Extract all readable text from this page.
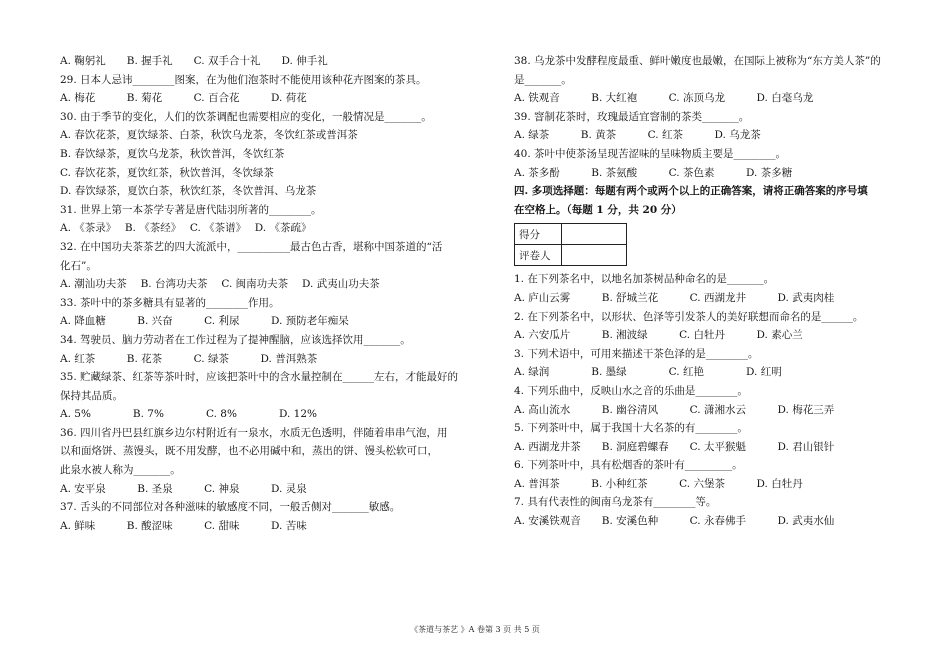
A. 鞠躬礼　　B. 握手礼　　C. 双手合十礼　　D. 伸手礼
29. 日本人忌讳________图案，在为他们泡茶时不能使用该种花卉图案的茶具。
A. 梅花　　　B. 菊花　　　C. 百合花　　　D. 荷花
30. 由于季节的变化，人们的饮茶调配也需要相应的变化，一般情况是_______。
A. 春饮花茶，夏饮绿茶、白茶，秋饮乌龙茶，冬饮红茶或普洱茶
B. 春饮绿茶，夏饮乌龙茶，秋饮普洱，冬饮红茶
C. 春饮花茶，夏饮红茶，秋饮普洱，冬饮绿茶
D. 春饮绿茶，夏饮白茶，秋饮红茶，冬饮普洱、乌龙茶
31. 世界上第一本茶学专著是唐代陆羽所著的________。
A. 《茶录》　 B. 《茶经》　 C. 《茶谱》　 D. 《茶疏》
32. 在中国功夫茶茶艺的四大流派中，__________最古色古香，堪称中国茶道的“活
化石”。
A. 潮汕功夫茶　 B. 台湾功夫茶　 C. 闽南功夫茶　 D. 武夷山功夫茶
33. 茶叶中的茶多糖具有显著的________作用。
A. 降血糖　　　B. 兴奋　　　C. 利尿　　　D. 预防老年痴呆
34. 驾驶员、脑力劳动者在工作过程为了提神醒脑，应该选择饮用_______。
A. 红茶　　　B. 花茶　　　C. 绿茶　　　D. 普洱熟茶
35. 贮藏绿茶、红茶等茶叶时，应该把茶叶中的含水量控制在______左右，才能最好的
保持其品质。
A. 5%　　　　B. 7%　　　　C. 8%　　　　D. 12%
36. 四川省丹巴县红旗乡边尔村附近有一泉水，水质无色透明，伴随着串串气泡，用
以和面烙饼、蒸馒头，既不用发酵，也不必用碱中和，蒸出的饼、馒头松软可口，
此泉水被人称为_______。
A. 安平泉　　　B. 圣泉　　　C. 神泉　　　D. 灵泉
37. 舌头的不同部位对各种滋味的敏感度不同，一般舌侧对_______敏感。
A. 鲜味　　　B. 酸涩味　　　C. 甜味　　　D. 苦味
38. 乌龙茶中发酵程度最重、鲜叶嫩度也最嫩，在国际上被称为“东方美人茶”的
是_______。
A. 铁观音　　　B. 大红袍　　　C. 冻顶乌龙　　　D. 白毫乌龙
39. 窨制花茶时，玫瑰最适宜窨制的茶类_______。
A. 绿茶　　　B. 黄茶　　　C. 红茶　　　D. 乌龙茶
40. 茶叶中使茶汤呈现苦涩味的呈味物质主要是________。
A. 茶多酚　　　B. 茶氨酸　　　C. 茶色素　　　D. 茶多糖
四. 多项选择题：每题有两个或两个以上的正确答案，请将正确答案的序号填
在空格上。（每题 1 分，共 20 分）
得分	
评卷人	
1. 在下列茶名中，以地名加茶树品种命名的是_______。
A. 庐山云雾　　　B. 舒城兰花　　　C. 西湖龙井　　　D. 武夷肉桂
2. 在下列茶名中，以形状、色泽等引发茶人的美好联想而命名的是______。
A. 六安瓜片　　　B. 湘波绿　　　C. 白牡丹　　　D. 素心兰
3. 下列术语中，可用来描述干茶色泽的是________。
A. 绿润　　　　B. 墨绿　　　　C. 红艳　　　　D. 红明
4. 下列乐曲中，反映山水之音的乐曲是________。
A. 高山流水　　　B. 幽谷清风　　　C. 潇湘水云　　　D. 梅花三弄
5. 下列茶叶中，属于我国十大名茶的有________。
A. 西湖龙井茶　　B. 洞庭碧螺春　　C. 太平猴魁　　　D. 君山银针
6. 下列茶叶中，具有松烟香的茶叶有_________。
A. 普洱茶　　　B. 小种红茶　　　C. 六堡茶　　　D. 白牡丹
7. 具有代表性的闽南乌龙茶有________等。
A. 安溪铁观音　　B. 安溪色种　　　C. 永春佛手　　　D. 武夷水仙
《茶道与茶艺 》A 卷第 3 页 共 5 页
